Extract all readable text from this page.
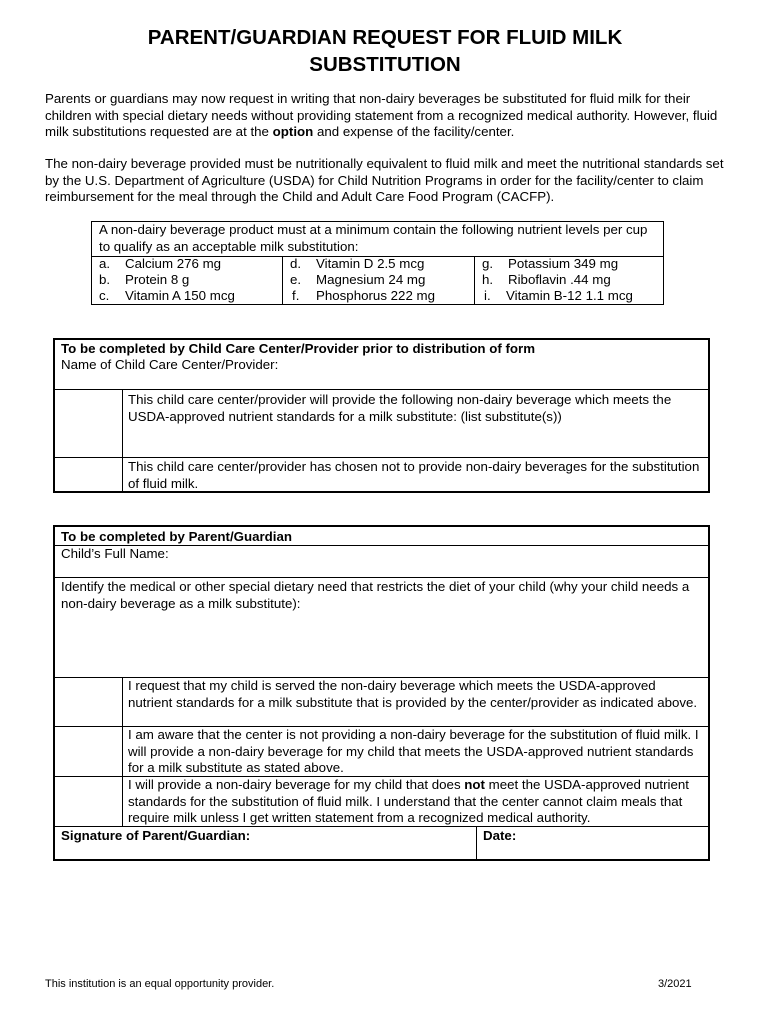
PARENT/GUARDIAN REQUEST FOR FLUID MILK
SUBSTITUTION
Parents or guardians may now request in writing that non-dairy beverages be substituted for fluid milk for their children with special dietary needs without providing statement from a recognized medical authority. However, fluid milk substitutions requested are at the option and expense of the facility/center.
The non-dairy beverage provided must be nutritionally equivalent to fluid milk and meet the nutritional standards set by the U.S. Department of Agriculture (USDA) for Child Nutrition Programs in order for the facility/center to claim reimbursement for the meal through the Child and Adult Care Food Program (CACFP).
A non-dairy beverage product must at a minimum contain the following nutrient levels per cup to qualify as an acceptable milk substitution:
a. Calcium 276 mg
b. Protein 8 g
c. Vitamin A 150 mcg
d. Vitamin D 2.5 mcg
e. Magnesium 24 mg
f. Phosphorus 222 mg
g. Potassium 349 mg
h. Riboflavin .44 mg
i. Vitamin B-12 1.1 mcg
To be completed by Child Care Center/Provider prior to distribution of form
Name of Child Care Center/Provider:
This child care center/provider will provide the following non-dairy beverage which meets the USDA-approved nutrient standards for a milk substitute: (list substitute(s))
This child care center/provider has chosen not to provide non-dairy beverages for the substitution of fluid milk.
To be completed by Parent/Guardian
Child’s Full Name:
Identify the medical or other special dietary need that restricts the diet of your child (why your child needs a non-dairy beverage as a milk substitute):
I request that my child is served the non-dairy beverage which meets the USDA-approved nutrient standards for a milk substitute that is provided by the center/provider as indicated above.
I am aware that the center is not providing a non-dairy beverage for the substitution of fluid milk. I will provide a non-dairy beverage for my child that meets the USDA-approved nutrient standards for a milk substitute as stated above.
I will provide a non-dairy beverage for my child that does not meet the USDA-approved nutrient standards for the substitution of fluid milk. I understand that the center cannot claim meals that require milk unless I get written statement from a recognized medical authority.
Signature of Parent/Guardian:	Date:
This institution is an equal opportunity provider.	3/2021
